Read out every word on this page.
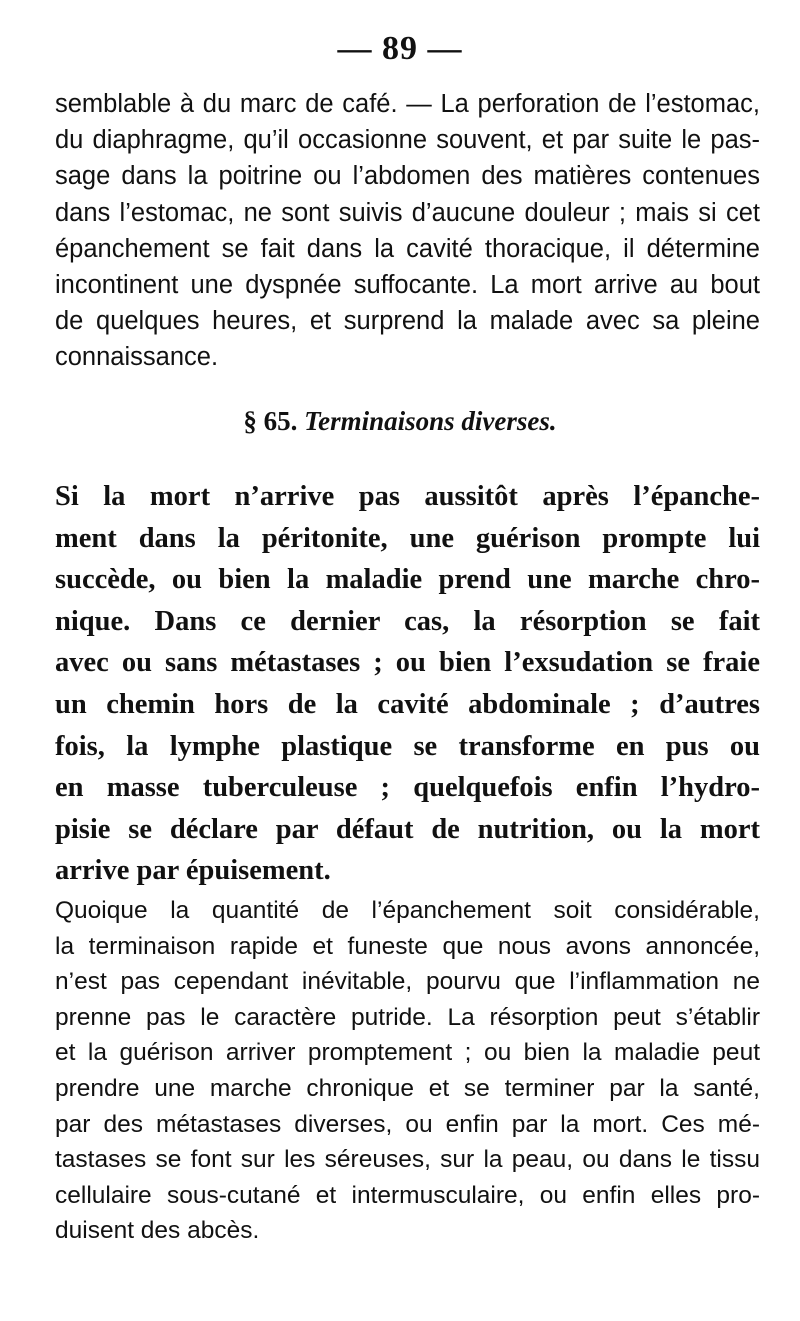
— 89 —
semblable à du marc de café. — La perforation de l’estomac,
du diaphragme, qu’il occasionne souvent, et par suite le pas-
sage dans la poitrine ou l’abdomen des matières contenues
dans l’estomac, ne sont suivis d’aucune douleur ; mais si cet
épanchement se fait dans la cavité thoracique, il détermine
incontinent une dyspnée suffocante. La mort arrive au bout
de quelques heures, et surprend la malade avec sa pleine
connaissance.
§ 65. Terminaisons diverses.
Si la mort n’arrive pas aussitôt après l’épanche-
ment dans la péritonite, une guérison prompte lui
succède, ou bien la maladie prend une marche chro-
nique. Dans ce dernier cas, la résorption se fait
avec ou sans métastases ; ou bien l’exsudation se fraie
un chemin hors de la cavité abdominale ; d’autres
fois, la lymphe plastique se transforme en pus ou
en masse tuberculeuse ; quelquefois enfin l’hydro-
pisie se déclare par défaut de nutrition, ou la mort
arrive par épuisement.
Quoique la quantité de l’épanchement soit considérable,
la terminaison rapide et funeste que nous avons annoncée,
n’est pas cependant inévitable, pourvu que l’inflammation ne
prenne pas le caractère putride. La résorption peut s’établir
et la guérison arriver promptement ; ou bien la maladie peut
prendre une marche chronique et se terminer par la santé,
par des métastases diverses, ou enfin par la mort. Ces mé-
tastases se font sur les séreuses, sur la peau, ou dans le tissu
cellulaire sous-cutané et intermusculaire, ou enfin elles pro-
duisent des abcès.
